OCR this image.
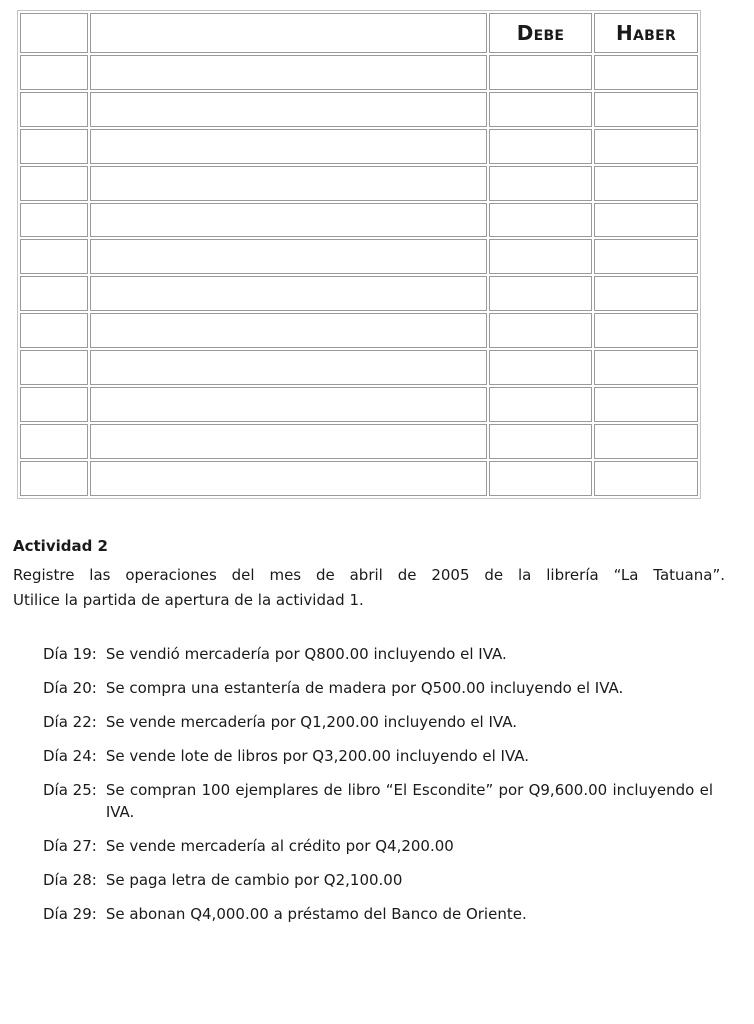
		Debe	Haber

Actividad 2

Registre las operaciones del mes de abril de 2005 de la librería “La Tatuana”.
Utilice la partida de apertura de la actividad 1.

Día 19: Se vendió mercadería por Q800.00 incluyendo el IVA.
Día 20: Se compra una estantería de madera por Q500.00 incluyendo el IVA.
Día 22: Se vende mercadería por Q1,200.00 incluyendo el IVA.
Día 24: Se vende lote de libros por Q3,200.00 incluyendo el IVA.
Día 25: Se compran 100 ejemplares de libro “El Escondite” por Q9,600.00 incluyendo el IVA.
Día 27: Se vende mercadería al crédito por Q4,200.00
Día 28: Se paga letra de cambio por Q2,100.00
Día 29: Se abonan Q4,000.00 a préstamo del Banco de Oriente.
